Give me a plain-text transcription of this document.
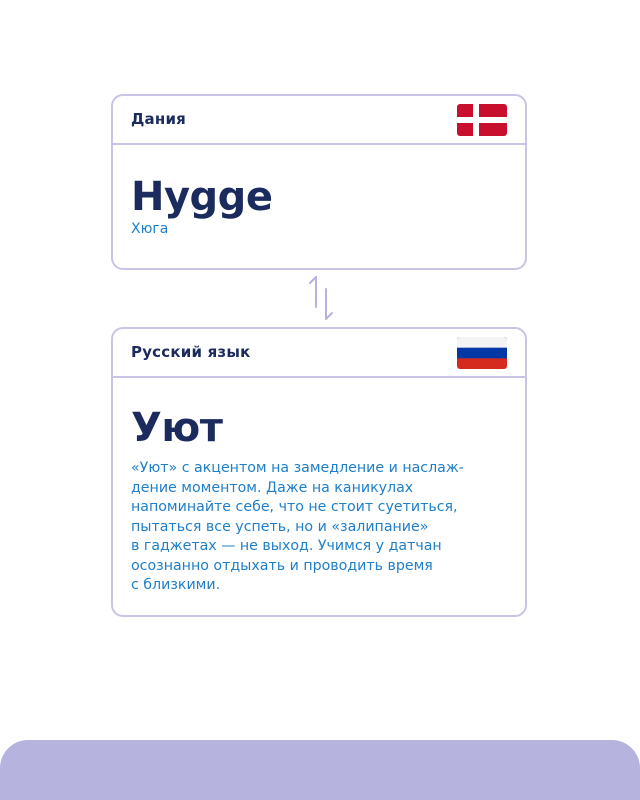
Дания
Hygge
Хюга
Русский язык
Уют

«Уют» с акцентом на замедление и наслаж-
дение моментом. Даже на каникулах
напоминайте себе, что не стоит суетиться,
пытаться все успеть, но и «залипание»
в гаджетах — не выход. Учимся у датчан
осознанно отдыхать и проводить время
с близкими.
